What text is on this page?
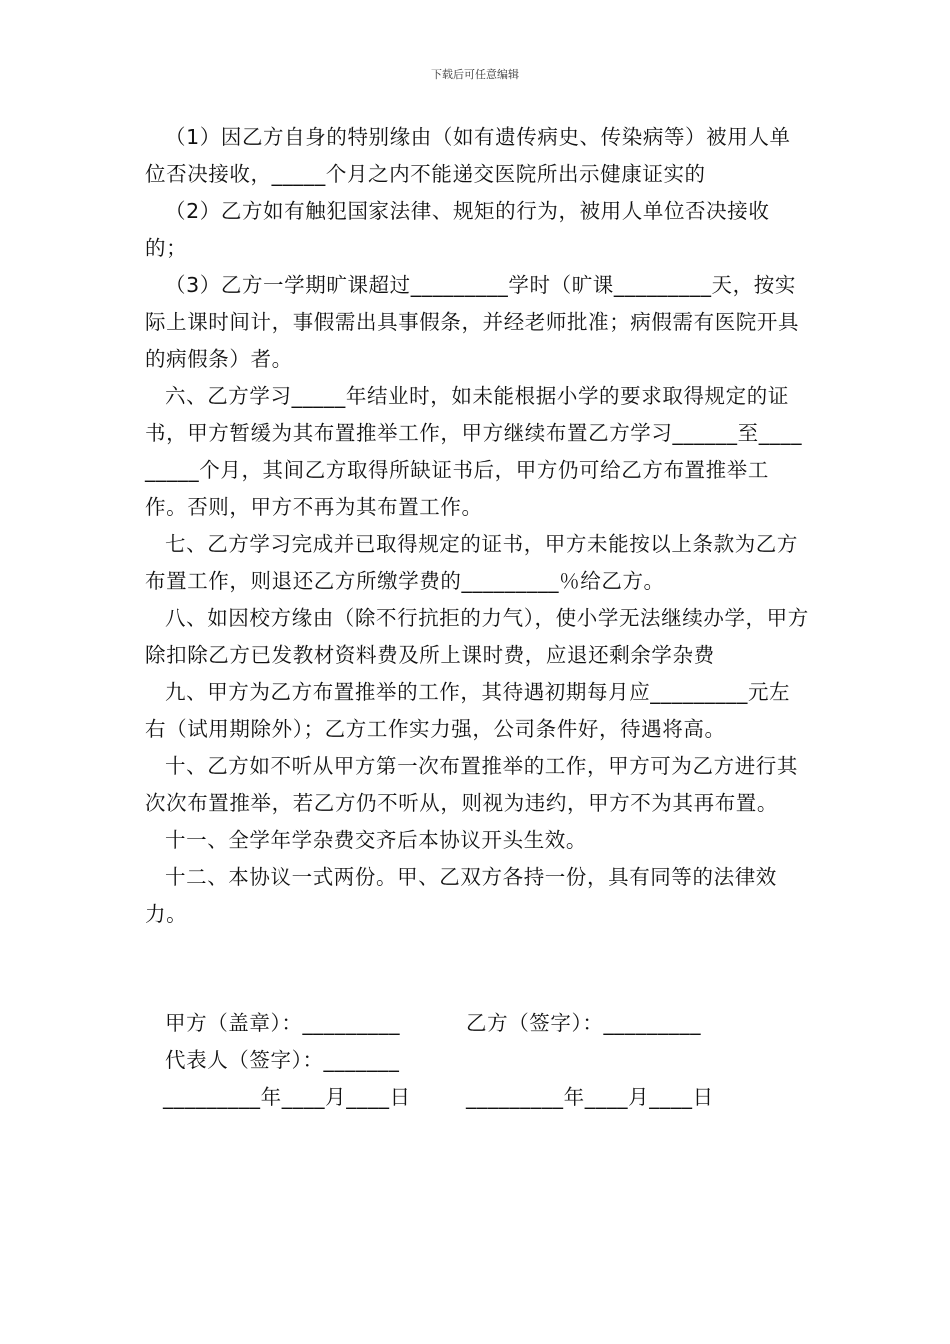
下载后可任意编辑

（1）因乙方自身的特别缘由（如有遗传病史、传染病等）被用人单位否决接收，_____个月之内不能递交医院所出示健康证实的

（2）乙方如有触犯国家法律、规矩的行为，被用人单位否决接收的；

（3）乙方一学期旷课超过_________学时（旷课_________天，按实际上课时间计，事假需出具事假条，并经老师批准；病假需有医院开具的病假条）者。

六、乙方学习_____年结业时，如未能根据小学的要求取得规定的证书，甲方暂缓为其布置推举工作，甲方继续布置乙方学习______至_________个月，其间乙方取得所缺证书后，甲方仍可给乙方布置推举工作。否则，甲方不再为其布置工作。

七、乙方学习完成并已取得规定的证书，甲方未能按以上条款为乙方布置工作，则退还乙方所缴学费的_________％给乙方。

八、如因校方缘由（除不行抗拒的力气），使小学无法继续办学，甲方除扣除乙方已发教材资料费及所上课时费，应退还剩余学杂费

九、甲方为乙方布置推举的工作，其待遇初期每月应_________元左右（试用期除外）；乙方工作实力强，公司条件好，待遇将高。

十、乙方如不听从甲方第一次布置推举的工作，甲方可为乙方进行其次次布置推举，若乙方仍不听从，则视为违约，甲方不为其再布置。

十一、全学年学杂费交齐后本协议开头生效。

十二、本协议一式两份。甲、乙双方各持一份，具有同等的法律效力。

甲方（盖章）：_________	乙方（签字）：_________
代表人（签字）：_______
_________年____月____日	_________年____月____日
